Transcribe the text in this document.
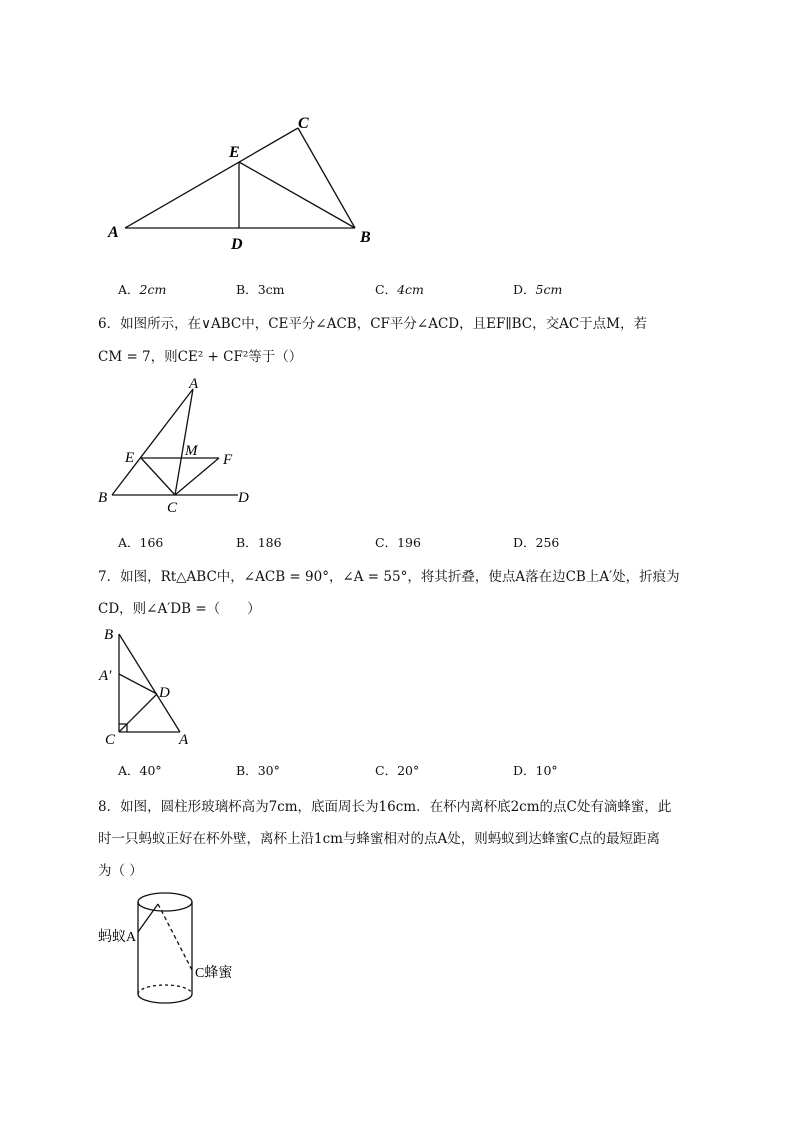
A	B
C
D
E
A．2cm	B．3cm	C．4cm	D．5cm
6．如图所示，在∨ABC中，CE平分∠ACB，CF平分∠ACD，且EF∥BC，交AC于点M，若
CM = 7，则CE² + CF²等于（）
A
B
C
D
E	F
M
A．166	B．186	C．196	D．256
7．如图，Rt△ABC中，∠ACB = 90°，∠A = 55°，将其折叠，使点A落在边CB上A′处，折痕为
CD，则∠A′DB =（　　）
B
A′
D
C	A
A．40°	B．30°	C．20°	D．10°
8．如图，圆柱形玻璃杯高为7cm，底面周长为16cm．在杯内离杯底2cm的点C处有滴蜂蜜，此
时一只蚂蚁正好在杯外壁，离杯上沿1cm与蜂蜜相对的点A处，则蚂蚁到达蜂蜜C点的最短距离
为（ ）
蚂蚁A
C蜂蜜
